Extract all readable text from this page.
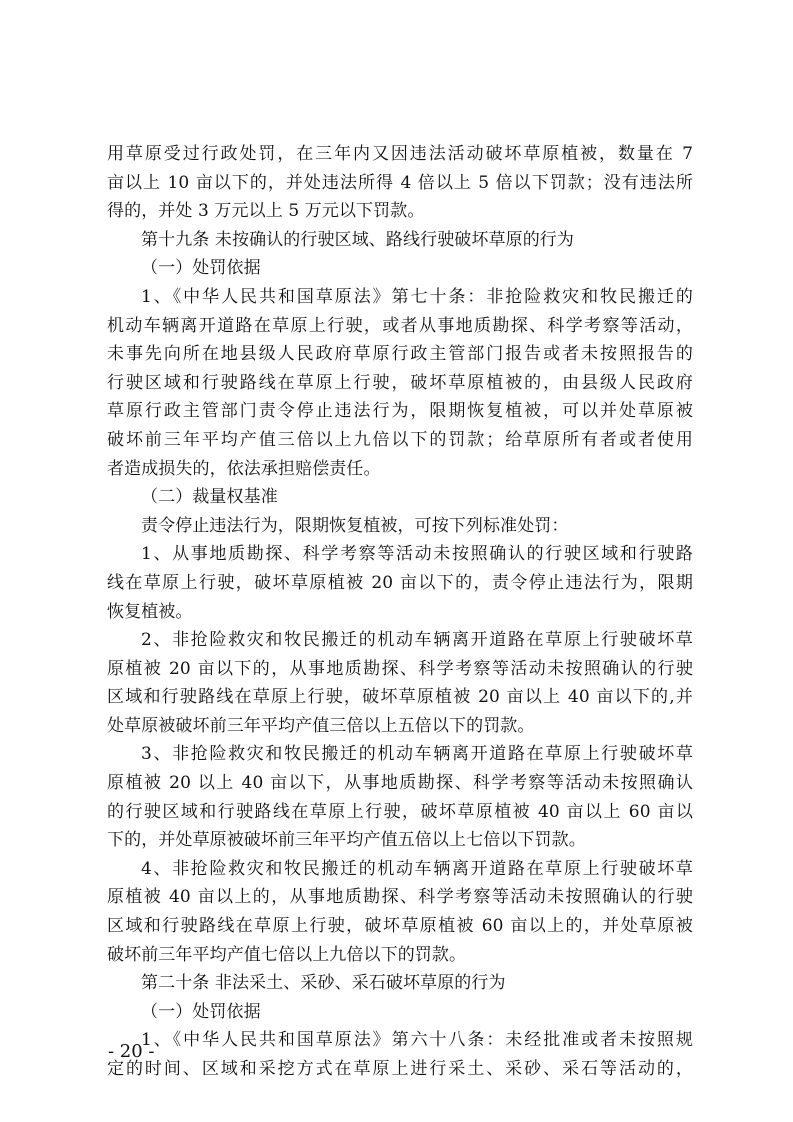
用草原受过行政处罚，在三年内又因违法活动破坏草原植被，数量在 7
亩以上 10 亩以下的，并处违法所得 4 倍以上 5 倍以下罚款；没有违法所
得的，并处 3 万元以上 5 万元以下罚款。
第十九条 未按确认的行驶区域、路线行驶破坏草原的行为
（一）处罚依据
1、《中华人民共和国草原法》第七十条：非抢险救灾和牧民搬迁的
机动车辆离开道路在草原上行驶，或者从事地质勘探、科学考察等活动，
未事先向所在地县级人民政府草原行政主管部门报告或者未按照报告的
行驶区域和行驶路线在草原上行驶，破坏草原植被的，由县级人民政府
草原行政主管部门责令停止违法行为，限期恢复植被，可以并处草原被
破坏前三年平均产值三倍以上九倍以下的罚款；给草原所有者或者使用
者造成损失的，依法承担赔偿责任。
（二）裁量权基准
责令停止违法行为，限期恢复植被，可按下列标准处罚：
1、从事地质勘探、科学考察等活动未按照确认的行驶区域和行驶路
线在草原上行驶，破坏草原植被 20 亩以下的，责令停止违法行为，限期
恢复植被。
2、非抢险救灾和牧民搬迁的机动车辆离开道路在草原上行驶破坏草
原植被 20 亩以下的，从事地质勘探、科学考察等活动未按照确认的行驶
区域和行驶路线在草原上行驶，破坏草原植被 20 亩以上 40 亩以下的,并
处草原被破坏前三年平均产值三倍以上五倍以下的罚款。
3、非抢险救灾和牧民搬迁的机动车辆离开道路在草原上行驶破坏草
原植被 20 以上 40 亩以下，从事地质勘探、科学考察等活动未按照确认
的行驶区域和行驶路线在草原上行驶，破坏草原植被 40 亩以上 60 亩以
下的，并处草原被破坏前三年平均产值五倍以上七倍以下罚款。
4、非抢险救灾和牧民搬迁的机动车辆离开道路在草原上行驶破坏草
原植被 40 亩以上的，从事地质勘探、科学考察等活动未按照确认的行驶
区域和行驶路线在草原上行驶，破坏草原植被 60 亩以上的，并处草原被
破坏前三年平均产值七倍以上九倍以下的罚款。
第二十条 非法采土、采砂、采石破坏草原的行为
（一）处罚依据
1、《中华人民共和国草原法》第六十八条：未经批准或者未按照规
定的时间、区域和采挖方式在草原上进行采土、采砂、采石等活动的，
- 20 -
